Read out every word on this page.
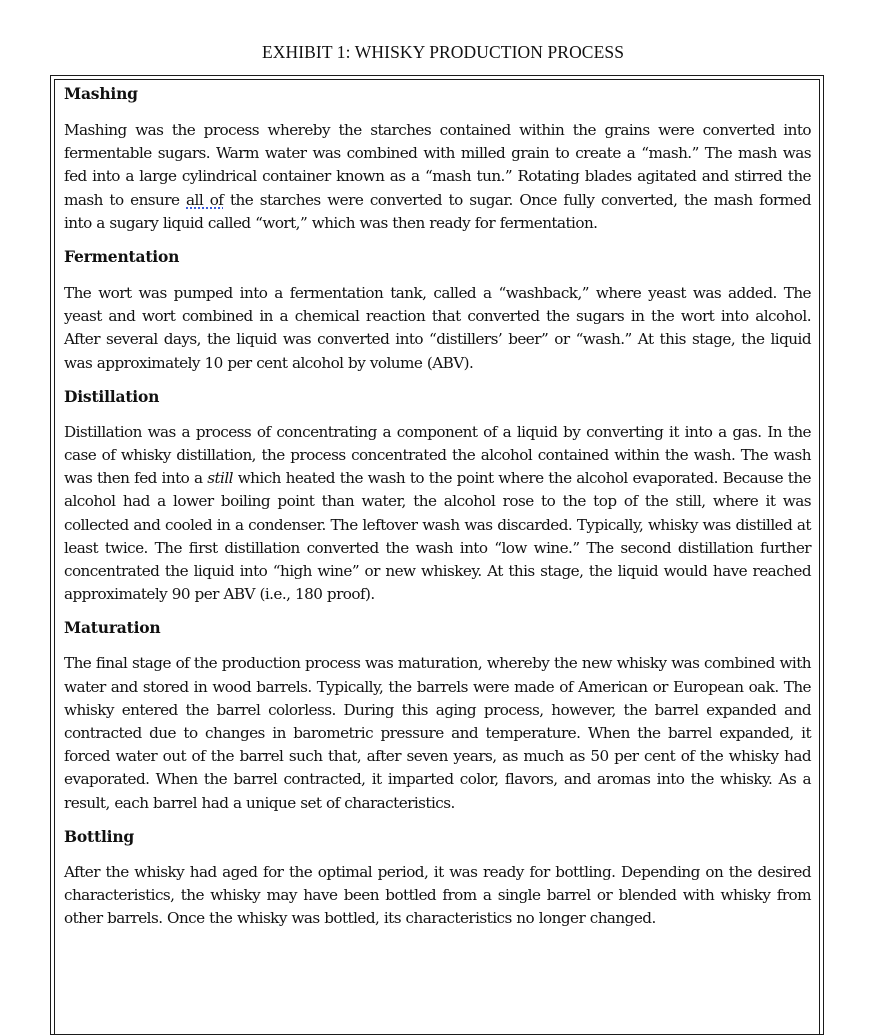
EXHIBIT 1: WHISKY PRODUCTION PROCESS
Mashing

Mashing was the process whereby the starches contained within the grains were converted into fermentable sugars. Warm water was combined with milled grain to create a “mash.” The mash was fed into a large cylindrical container known as a “mash tun.” Rotating blades agitated and stirred the mash to ensure all of the starches were converted to sugar. Once fully converted, the mash formed into a sugary liquid called “wort,” which was then ready for fermentation.

Fermentation

The wort was pumped into a fermentation tank, called a “washback,” where yeast was added. The yeast and wort combined in a chemical reaction that converted the sugars in the wort into alcohol. After several days, the liquid was converted into “distillers’ beer” or “wash.” At this stage, the liquid was approximately 10 per cent alcohol by volume (ABV).

Distillation

Distillation was a process of concentrating a component of a liquid by converting it into a gas. In the case of whisky distillation, the process concentrated the alcohol contained within the wash. The wash was then fed into a still which heated the wash to the point where the alcohol evaporated. Because the alcohol had a lower boiling point than water, the alcohol rose to the top of the still, where it was collected and cooled in a condenser. The leftover wash was discarded. Typically, whisky was distilled at least twice. The first distillation converted the wash into “low wine.” The second distillation further concentrated the liquid into “high wine” or new whiskey. At this stage, the liquid would have reached approximately 90 per ABV (i.e., 180 proof).

Maturation

The final stage of the production process was maturation, whereby the new whisky was combined with water and stored in wood barrels. Typically, the barrels were made of American or European oak. The whisky entered the barrel colorless. During this aging process, however, the barrel expanded and contracted due to changes in barometric pressure and temperature. When the barrel expanded, it forced water out of the barrel such that, after seven years, as much as 50 per cent of the whisky had evaporated. When the barrel contracted, it imparted color, flavors, and aromas into the whisky. As a result, each barrel had a unique set of characteristics.

Bottling

After the whisky had aged for the optimal period, it was ready for bottling. Depending on the desired characteristics, the whisky may have been bottled from a single barrel or blended with whisky from other barrels. Once the whisky was bottled, its characteristics no longer changed.
